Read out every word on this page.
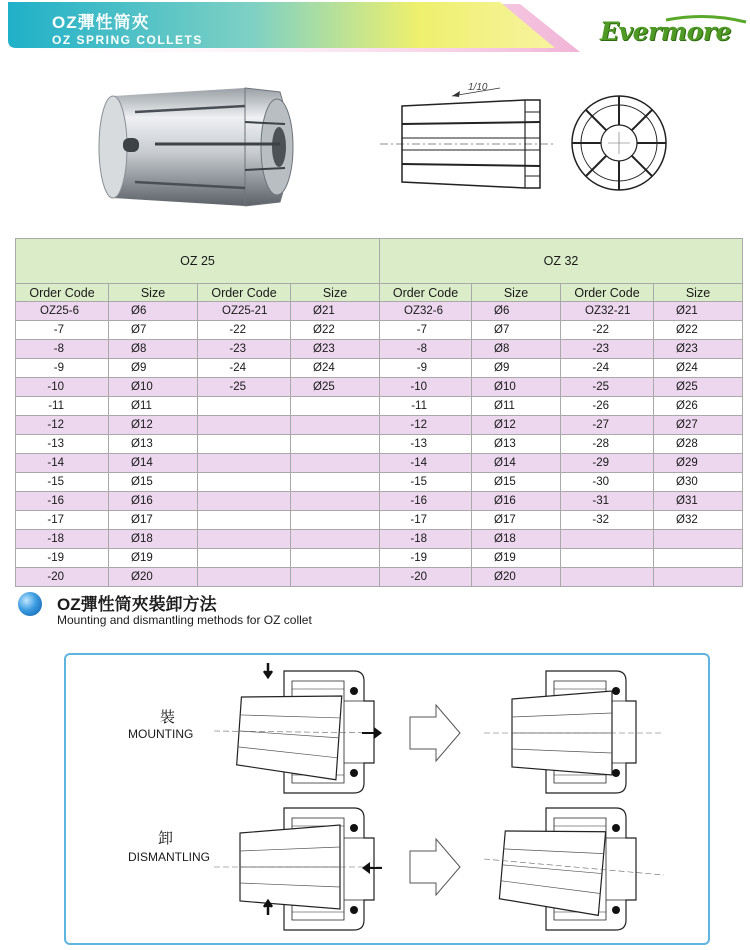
OZ彈性筒夾
OZ SPRING COLLETS	Evermore
1/10
OZ 25				OZ 32			
Order Code	Size	Order Code	Size	Order Code	Size	Order Code	Size
OZ25-6	Ø6	OZ25-21	Ø21	OZ32-6	Ø6	OZ32-21	Ø21
-7	Ø7	-22	Ø22	-7	Ø7	-22	Ø22
-8	Ø8	-23	Ø23	-8	Ø8	-23	Ø23
-9	Ø9	-24	Ø24	-9	Ø9	-24	Ø24
-10	Ø10	-25	Ø25	-10	Ø10	-25	Ø25
-11	Ø11			-11	Ø11	-26	Ø26
-12	Ø12			-12	Ø12	-27	Ø27
-13	Ø13			-13	Ø13	-28	Ø28
-14	Ø14			-14	Ø14	-29	Ø29
-15	Ø15			-15	Ø15	-30	Ø30
-16	Ø16			-16	Ø16	-31	Ø31
-17	Ø17			-17	Ø17	-32	Ø32
-18	Ø18			-18	Ø18		
-19	Ø19			-19	Ø19		
-20	Ø20			-20	Ø20		
OZ彈性筒夾裝卸方法
Mounting and dismantling methods for OZ collet
裝
MOUNTING
卸
DISMANTLING
